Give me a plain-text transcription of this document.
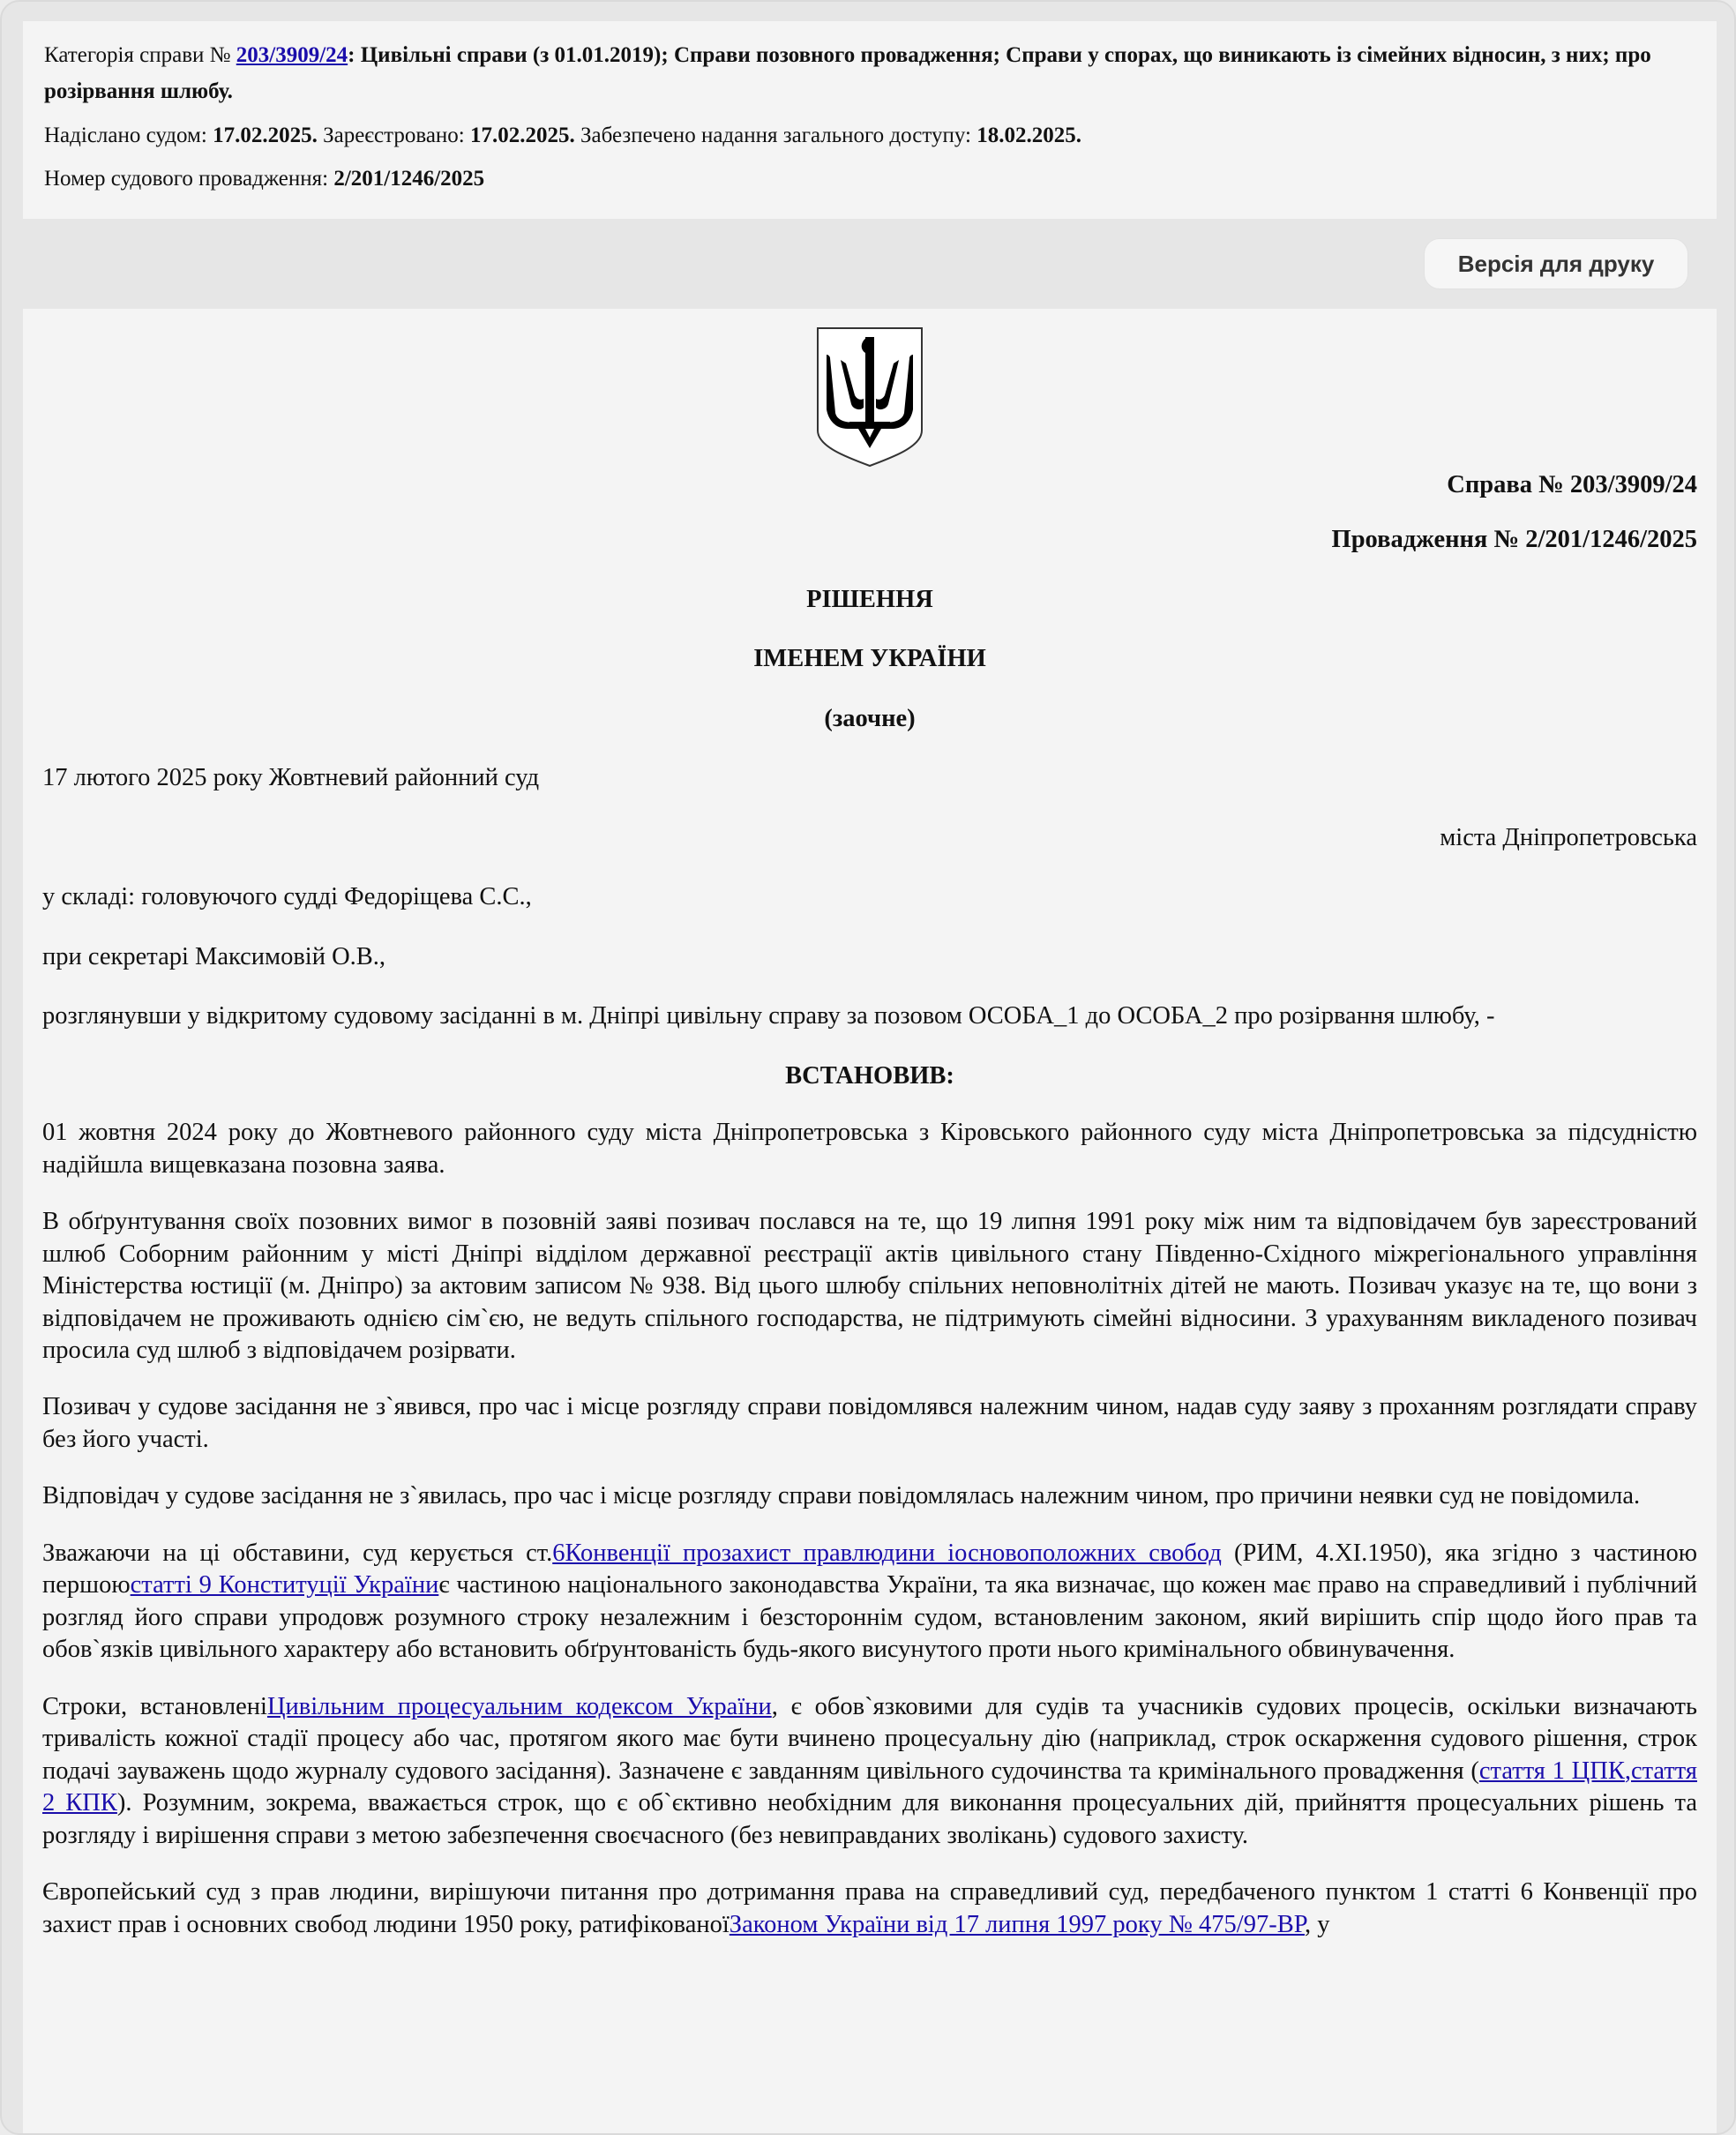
Категорія справи № 203/3909/24: Цивільні справи (з 01.01.2019); Справи позовного провадження; Справи у спорах, що виникають із сімейних відносин, з них; про розірвання шлюбу.

Надіслано судом: 17.02.2025. Зареєстровано: 17.02.2025. Забезпечено надання загального доступу: 18.02.2025.

Номер судового провадження: 2/201/1246/2025

Версія для друку

Справа № 203/3909/24

Провадження № 2/201/1246/2025

РІШЕННЯ

ІМЕНЕМ УКРАЇНИ

(заочне)

17 лютого 2025 року Жовтневий районний суд

міста Дніпропетровська

у складі: головуючого судді Федоріщева С.С.,

при секретарі Максимовій О.В.,

розглянувши у відкритому судовому засіданні в м. Дніпрі цивільну справу за позовом ОСОБА_1 до ОСОБА_2 про розірвання шлюбу, -

ВСТАНОВИВ:

01 жовтня 2024 року до Жовтневого районного суду міста Дніпропетровська з Кіровського районного суду міста Дніпропетровська за підсудністю надійшла вищевказана позовна заява.

В обґрунтування своїх позовних вимог в позовній заяві позивач послався на те, що 19 липня 1991 року між ним та відповідачем був зареєстрований шлюб Соборним районним у місті Дніпрі відділом державної реєстрації актів цивільного стану Південно-Східного міжрегіонального управління Міністерства юстиції (м. Дніпро) за актовим записом № 938. Від цього шлюбу спільних неповнолітніх дітей не мають. Позивач указує на те, що вони з відповідачем не проживають однією сім`єю, не ведуть спільного господарства, не підтримують сімейні відносини. З урахуванням викладеного позивач просила суд шлюб з відповідачем розірвати.

Позивач у судове засідання не з`явився, про час і місце розгляду справи повідомлявся належним чином, надав суду заяву з проханням розглядати справу без його участі.

Відповідач у судове засідання не з`явилась, про час і місце розгляду справи повідомлялась належним чином, про причини неявки суд не повідомила.

Зважаючи на ці обставини, суд керується ст.6Конвенції прозахист правлюдини іосновоположних свобод (РИМ, 4.XI.1950), яка згідно з частиною першоюстатті 9 Конституції Україниє частиною національного законодавства України, та яка визначає, що кожен має право на справедливий і публічний розгляд його справи упродовж розумного строку незалежним і безстороннім судом, встановленим законом, який вирішить спір щодо його прав та обов`язків цивільного характеру або встановить обґрунтованість будь-якого висунутого проти нього кримінального обвинувачення.

Строки, встановленіЦивільним процесуальним кодексом України, є обов`язковими для судів та учасників судових процесів, оскільки визначають тривалість кожної стадії процесу або час, протягом якого має бути вчинено процесуальну дію (наприклад, строк оскарження судового рішення, строк подачі зауважень щодо журналу судового засідання). Зазначене є завданням цивільного судочинства та кримінального провадження (стаття 1 ЦПК,стаття 2 КПК). Розумним, зокрема, вважається строк, що є об`єктивно необхідним для виконання процесуальних дій, прийняття процесуальних рішень та розгляду і вирішення справи з метою забезпечення своєчасного (без невиправданих зволікань) судового захисту.

Європейський суд з прав людини, вирішуючи питання про дотримання права на справедливий суд, передбаченого пунктом 1 статті 6 Конвенції про захист прав і основних свобод людини 1950 року, ратифікованоїЗаконом України від 17 липня 1997 року № 475/97-ВР, у
